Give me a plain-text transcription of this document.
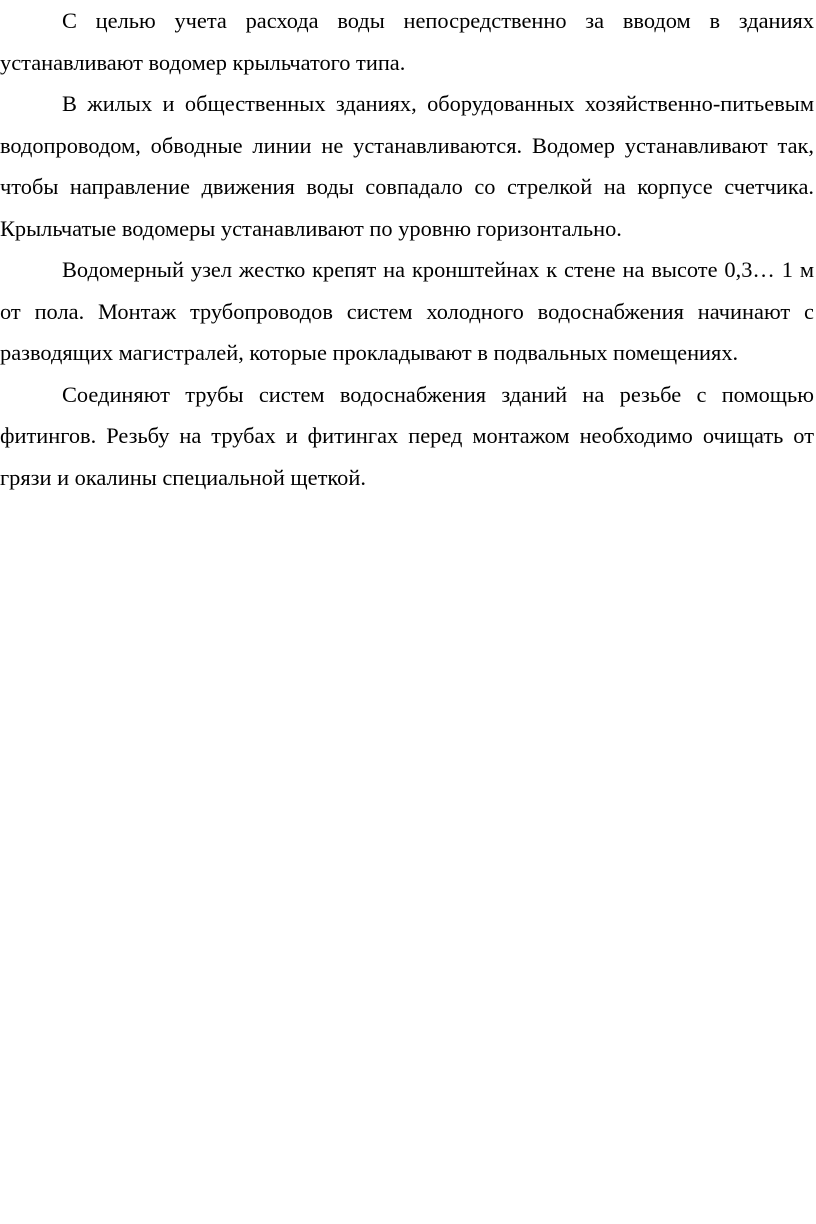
С целью учета расхода воды непосредственно за вводом в зданиях устанавливают водомер крыльчатого типа.

В жилых и общественных зданиях, оборудованных хозяйственно-питьевым водопроводом, обводные линии не устанавливаются. Водомер устанавливают так, чтобы направление движения воды совпадало со стрелкой на корпусе счетчика. Крыльчатые водомеры устанавливают по уровню горизонтально.

Водомерный узел жестко крепят на кронштейнах к стене на высоте 0,3… 1 м от пола. Монтаж трубопроводов систем холодного водоснабжения начинают с разводящих магистралей, которые прокладывают в подвальных помещениях.

Соединяют трубы систем водоснабжения зданий на резьбе с помощью фитингов. Резьбу на трубах и фитингах перед монтажом необходимо очищать от грязи и окалины специальной щеткой.
